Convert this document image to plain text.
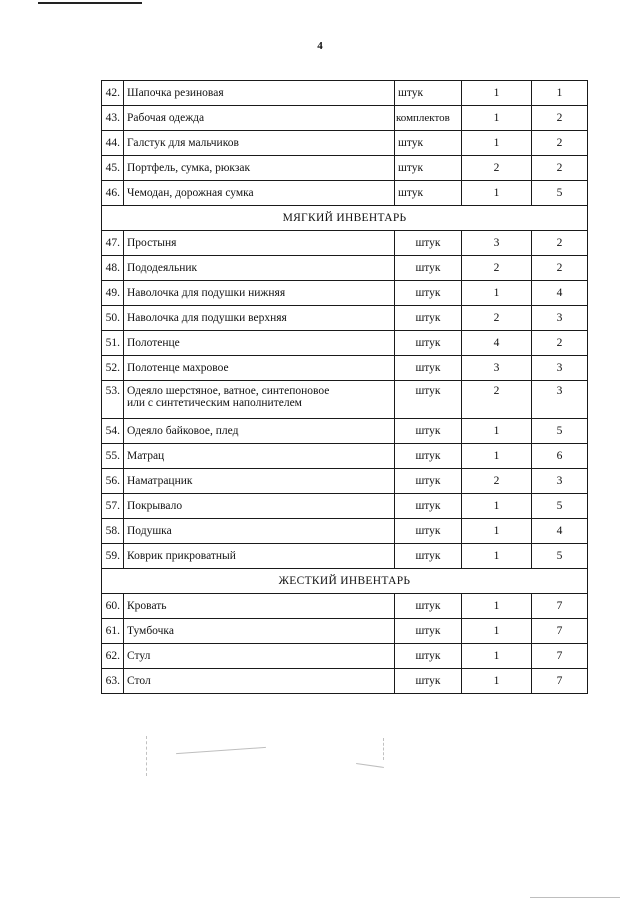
4
42.	Шапочка резиновая	штук	1	1
43.	Рабочая одежда	комплектов	1	2
44.	Галстук для мальчиков	штук	1	2
45.	Портфель, сумка, рюкзак	штук	2	2
46.	Чемодан, дорожная сумка	штук	1	5
МЯГКИЙ ИНВЕНТАРЬ				
47.	Простыня	штук	3	2
48.	Пододеяльник	штук	2	2
49.	Наволочка для подушки нижняя	штук	1	4
50.	Наволочка для подушки верхняя	штук	2	3
51.	Полотенце	штук	4	2
52.	Полотенце махровое	штук	3	3
53.	Одеяло шерстяное, ватное, синтепоновое
или с синтетическим наполнителем	штук	2	3
54.	Одеяло байковое, плед	штук	1	5
55.	Матрац	штук	1	6
56.	Наматрацник	штук	2	3
57.	Покрывало	штук	1	5
58.	Подушка	штук	1	4
59.	Коврик прикроватный	штук	1	5
ЖЕСТКИЙ ИНВЕНТАРЬ				
60.	Кровать	штук	1	7
61.	Тумбочка	штук	1	7
62.	Стул	штук	1	7
63.	Стол	штук	1	7
